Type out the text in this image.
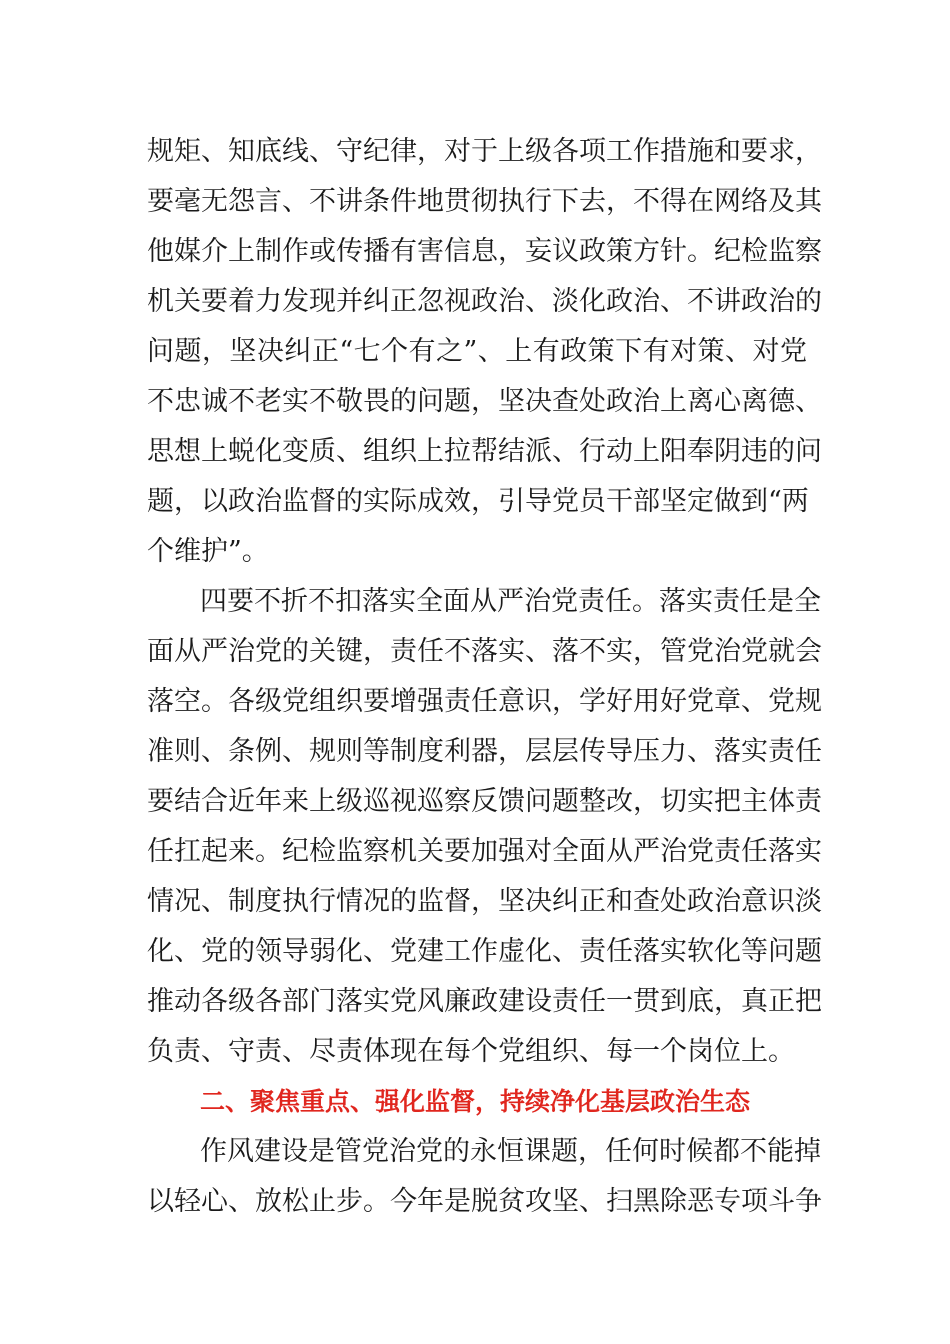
规矩、知底线、守纪律，对于上级各项工作措施和要求，
要毫无怨言、不讲条件地贯彻执行下去，不得在网络及其
他媒介上制作或传播有害信息，妄议政策方针。纪检监察
机关要着力发现并纠正忽视政治、淡化政治、不讲政治的
问题，坚决纠正“七个有之”、上有政策下有对策、对党
不忠诚不老实不敬畏的问题，坚决查处政治上离心离德、
思想上蜕化变质、组织上拉帮结派、行动上阳奉阴违的问
题，以政治监督的实际成效，引导党员干部坚定做到“两
个维护”。
四要不折不扣落实全面从严治党责任。落实责任是全
面从严治党的关键，责任不落实、落不实，管党治党就会
落空。各级党组织要增强责任意识，学好用好党章、党规
准则、条例、规则等制度利器，层层传导压力、落实责任
要结合近年来上级巡视巡察反馈问题整改，切实把主体责
任扛起来。纪检监察机关要加强对全面从严治党责任落实
情况、制度执行情况的监督，坚决纠正和查处政治意识淡
化、党的领导弱化、党建工作虚化、责任落实软化等问题
推动各级各部门落实党风廉政建设责任一贯到底，真正把
负责、守责、尽责体现在每个党组织、每一个岗位上。
二、聚焦重点、强化监督，持续净化基层政治生态
作风建设是管党治党的永恒课题，任何时候都不能掉
以轻心、放松止步。今年是脱贫攻坚、扫黑除恶专项斗争
